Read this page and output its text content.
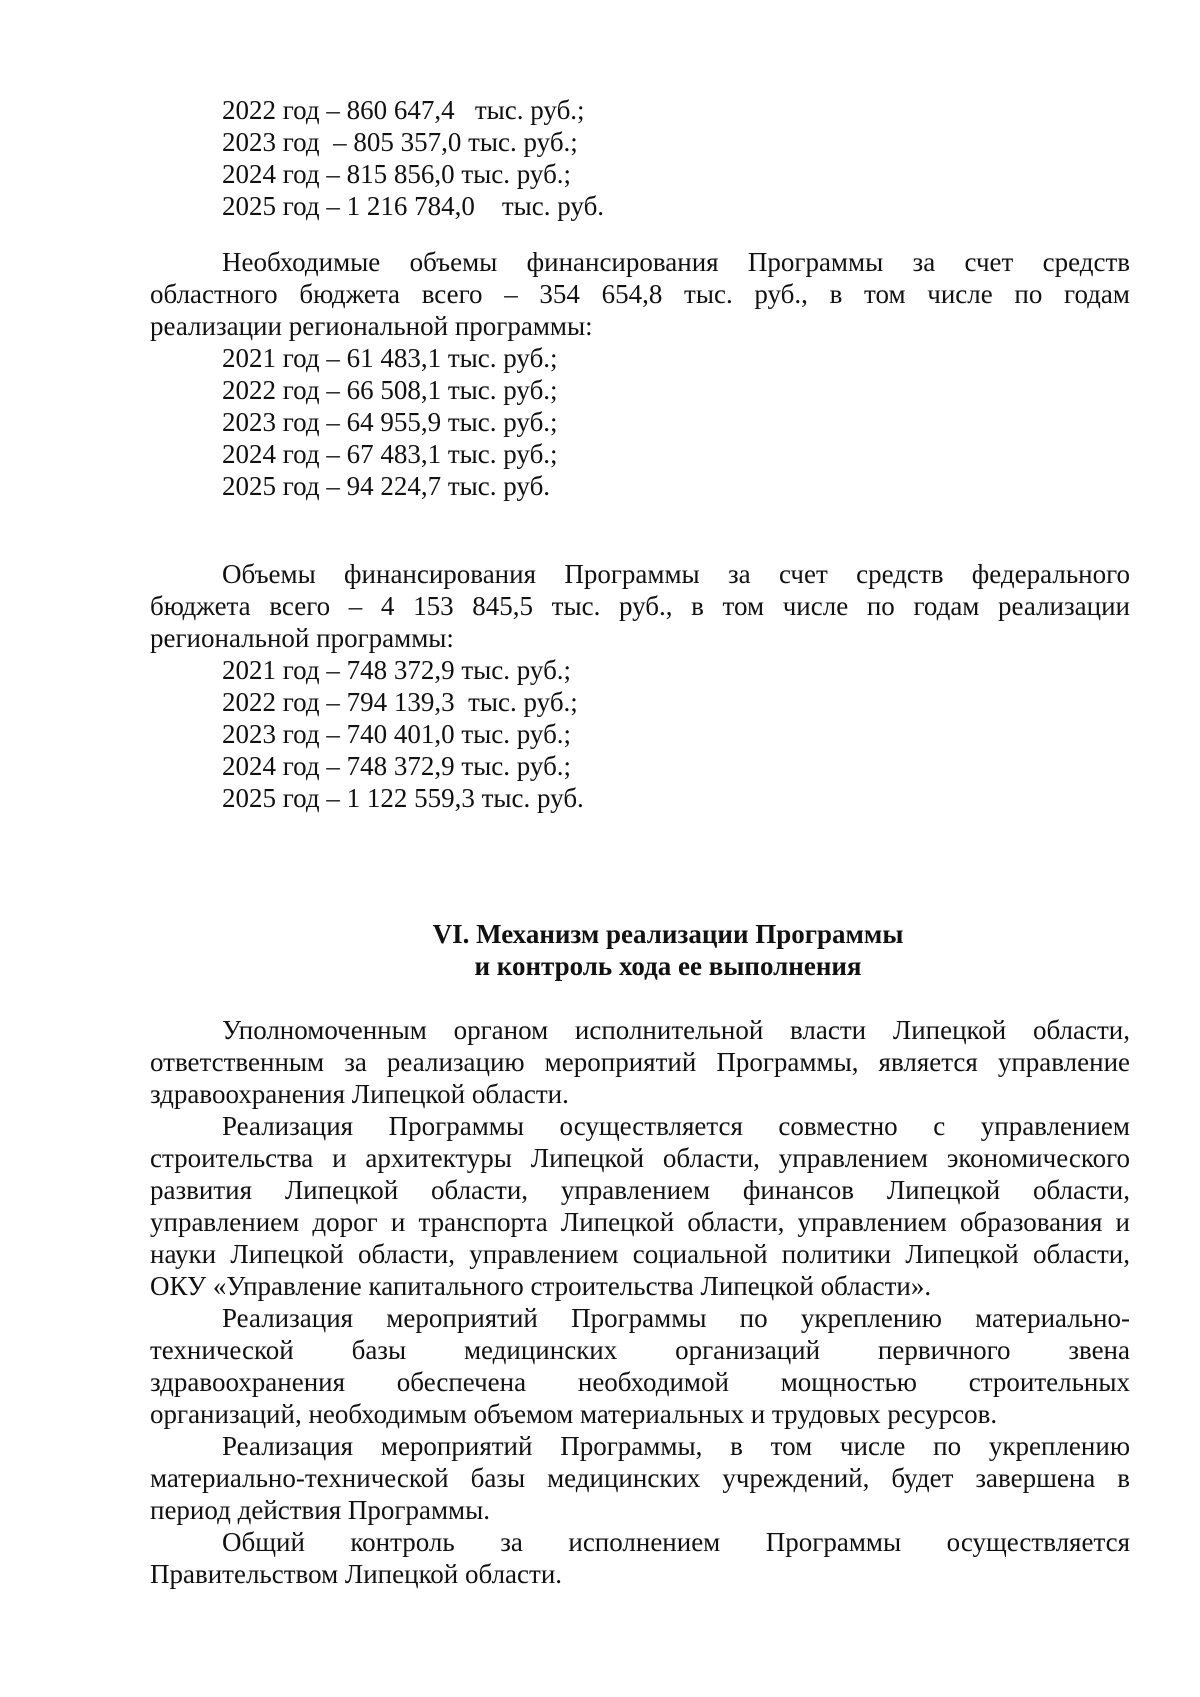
2022 год – 860 647,4   тыс. руб.;

2023 год  – 805 357,0 тыс. руб.;

2024 год – 815 856,0 тыс. руб.;

2025 год – 1 216 784,0    тыс. руб.

Необходимые объемы финансирования Программы за счет средств

областного бюджета всего – 354 654,8 тыс. руб., в том числе по годам

реализации региональной программы:

2021 год – 61 483,1 тыс. руб.;

2022 год – 66 508,1 тыс. руб.;

2023 год – 64 955,9 тыс. руб.;

2024 год – 67 483,1 тыс. руб.;

2025 год – 94 224,7 тыс. руб.

Объемы финансирования Программы за счет средств федерального

бюджета всего – 4 153 845,5 тыс. руб., в том числе по годам реализации

региональной программы:

2021 год – 748 372,9 тыс. руб.;

2022 год – 794 139,3  тыс. руб.;

2023 год – 740 401,0 тыс. руб.;

2024 год – 748 372,9 тыс. руб.;

2025 год – 1 122 559,3 тыс. руб.

VI. Механизм реализации Программы

и контроль хода ее выполнения

Уполномоченным органом исполнительной власти Липецкой области,

ответственным за реализацию мероприятий Программы, является управление

здравоохранения Липецкой области.

Реализация Программы осуществляется совместно с управлением

строительства и архитектуры Липецкой области, управлением экономического

развития Липецкой области, управлением финансов Липецкой области,

управлением дорог и транспорта Липецкой области, управлением образования и

науки Липецкой области, управлением социальной политики Липецкой области,

ОКУ «Управление капитального строительства Липецкой области».

Реализация мероприятий Программы по укреплению материально-

технической базы медицинских организаций первичного звена

здравоохранения обеспечена необходимой мощностью строительных

организаций, необходимым объемом материальных и трудовых ресурсов.

Реализация мероприятий Программы, в том числе по укреплению

материально-технической базы медицинских учреждений, будет завершена в

период действия Программы.

Общий контроль за исполнением Программы осуществляется

Правительством Липецкой области.
